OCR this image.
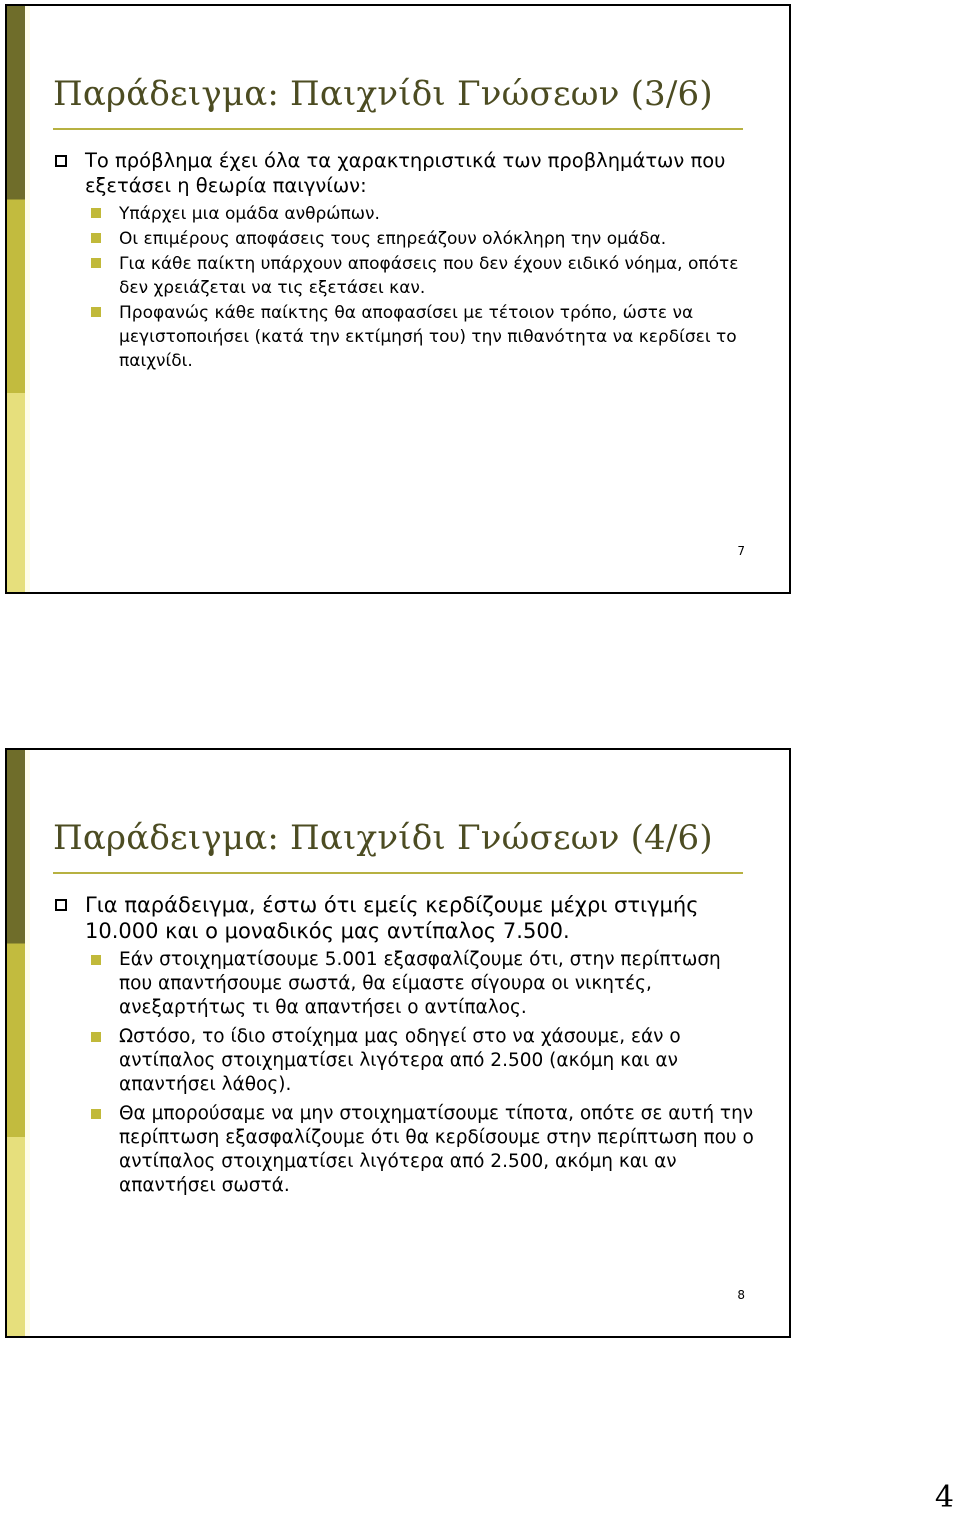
Παράδειγμα: Παιχνίδι Γνώσεων (3/6)
Το πρόβλημα έχει όλα τα χαρακτηριστικά των προβλημάτων που εξετάσει η θεωρία παιγνίων:
Υπάρχει μια ομάδα ανθρώπων.
Οι επιμέρους αποφάσεις τους επηρεάζουν ολόκληρη την ομάδα.
Για κάθε παίκτη υπάρχουν αποφάσεις που δεν έχουν ειδικό νόημα, οπότε δεν χρειάζεται να τις εξετάσει καν.
Προφανώς κάθε παίκτης θα αποφασίσει με τέτοιον τρόπο, ώστε να μεγιστοποιήσει (κατά την εκτίμησή του) την πιθανότητα να κερδίσει το παιχνίδι.
7
Παράδειγμα: Παιχνίδι Γνώσεων (4/6)
Για παράδειγμα, έστω ότι εμείς κερδίζουμε μέχρι στιγμής 10.000 και ο μοναδικός μας αντίπαλος 7.500.
Εάν στοιχηματίσουμε 5.001 εξασφαλίζουμε ότι, στην περίπτωση που απαντήσουμε σωστά, θα είμαστε σίγουρα οι νικητές, ανεξαρτήτως τι θα απαντήσει ο αντίπαλος.
Ωστόσο, το ίδιο στοίχημα μας οδηγεί στο να χάσουμε, εάν ο αντίπαλος στοιχηματίσει λιγότερα από 2.500 (ακόμη και αν απαντήσει λάθος).
Θα μπορούσαμε να μην στοιχηματίσουμε τίποτα, οπότε σε αυτή την περίπτωση εξασφαλίζουμε ότι θα κερδίσουμε στην περίπτωση που ο αντίπαλος στοιχηματίσει λιγότερα από 2.500, ακόμη και αν απαντήσει σωστά.
8
4
